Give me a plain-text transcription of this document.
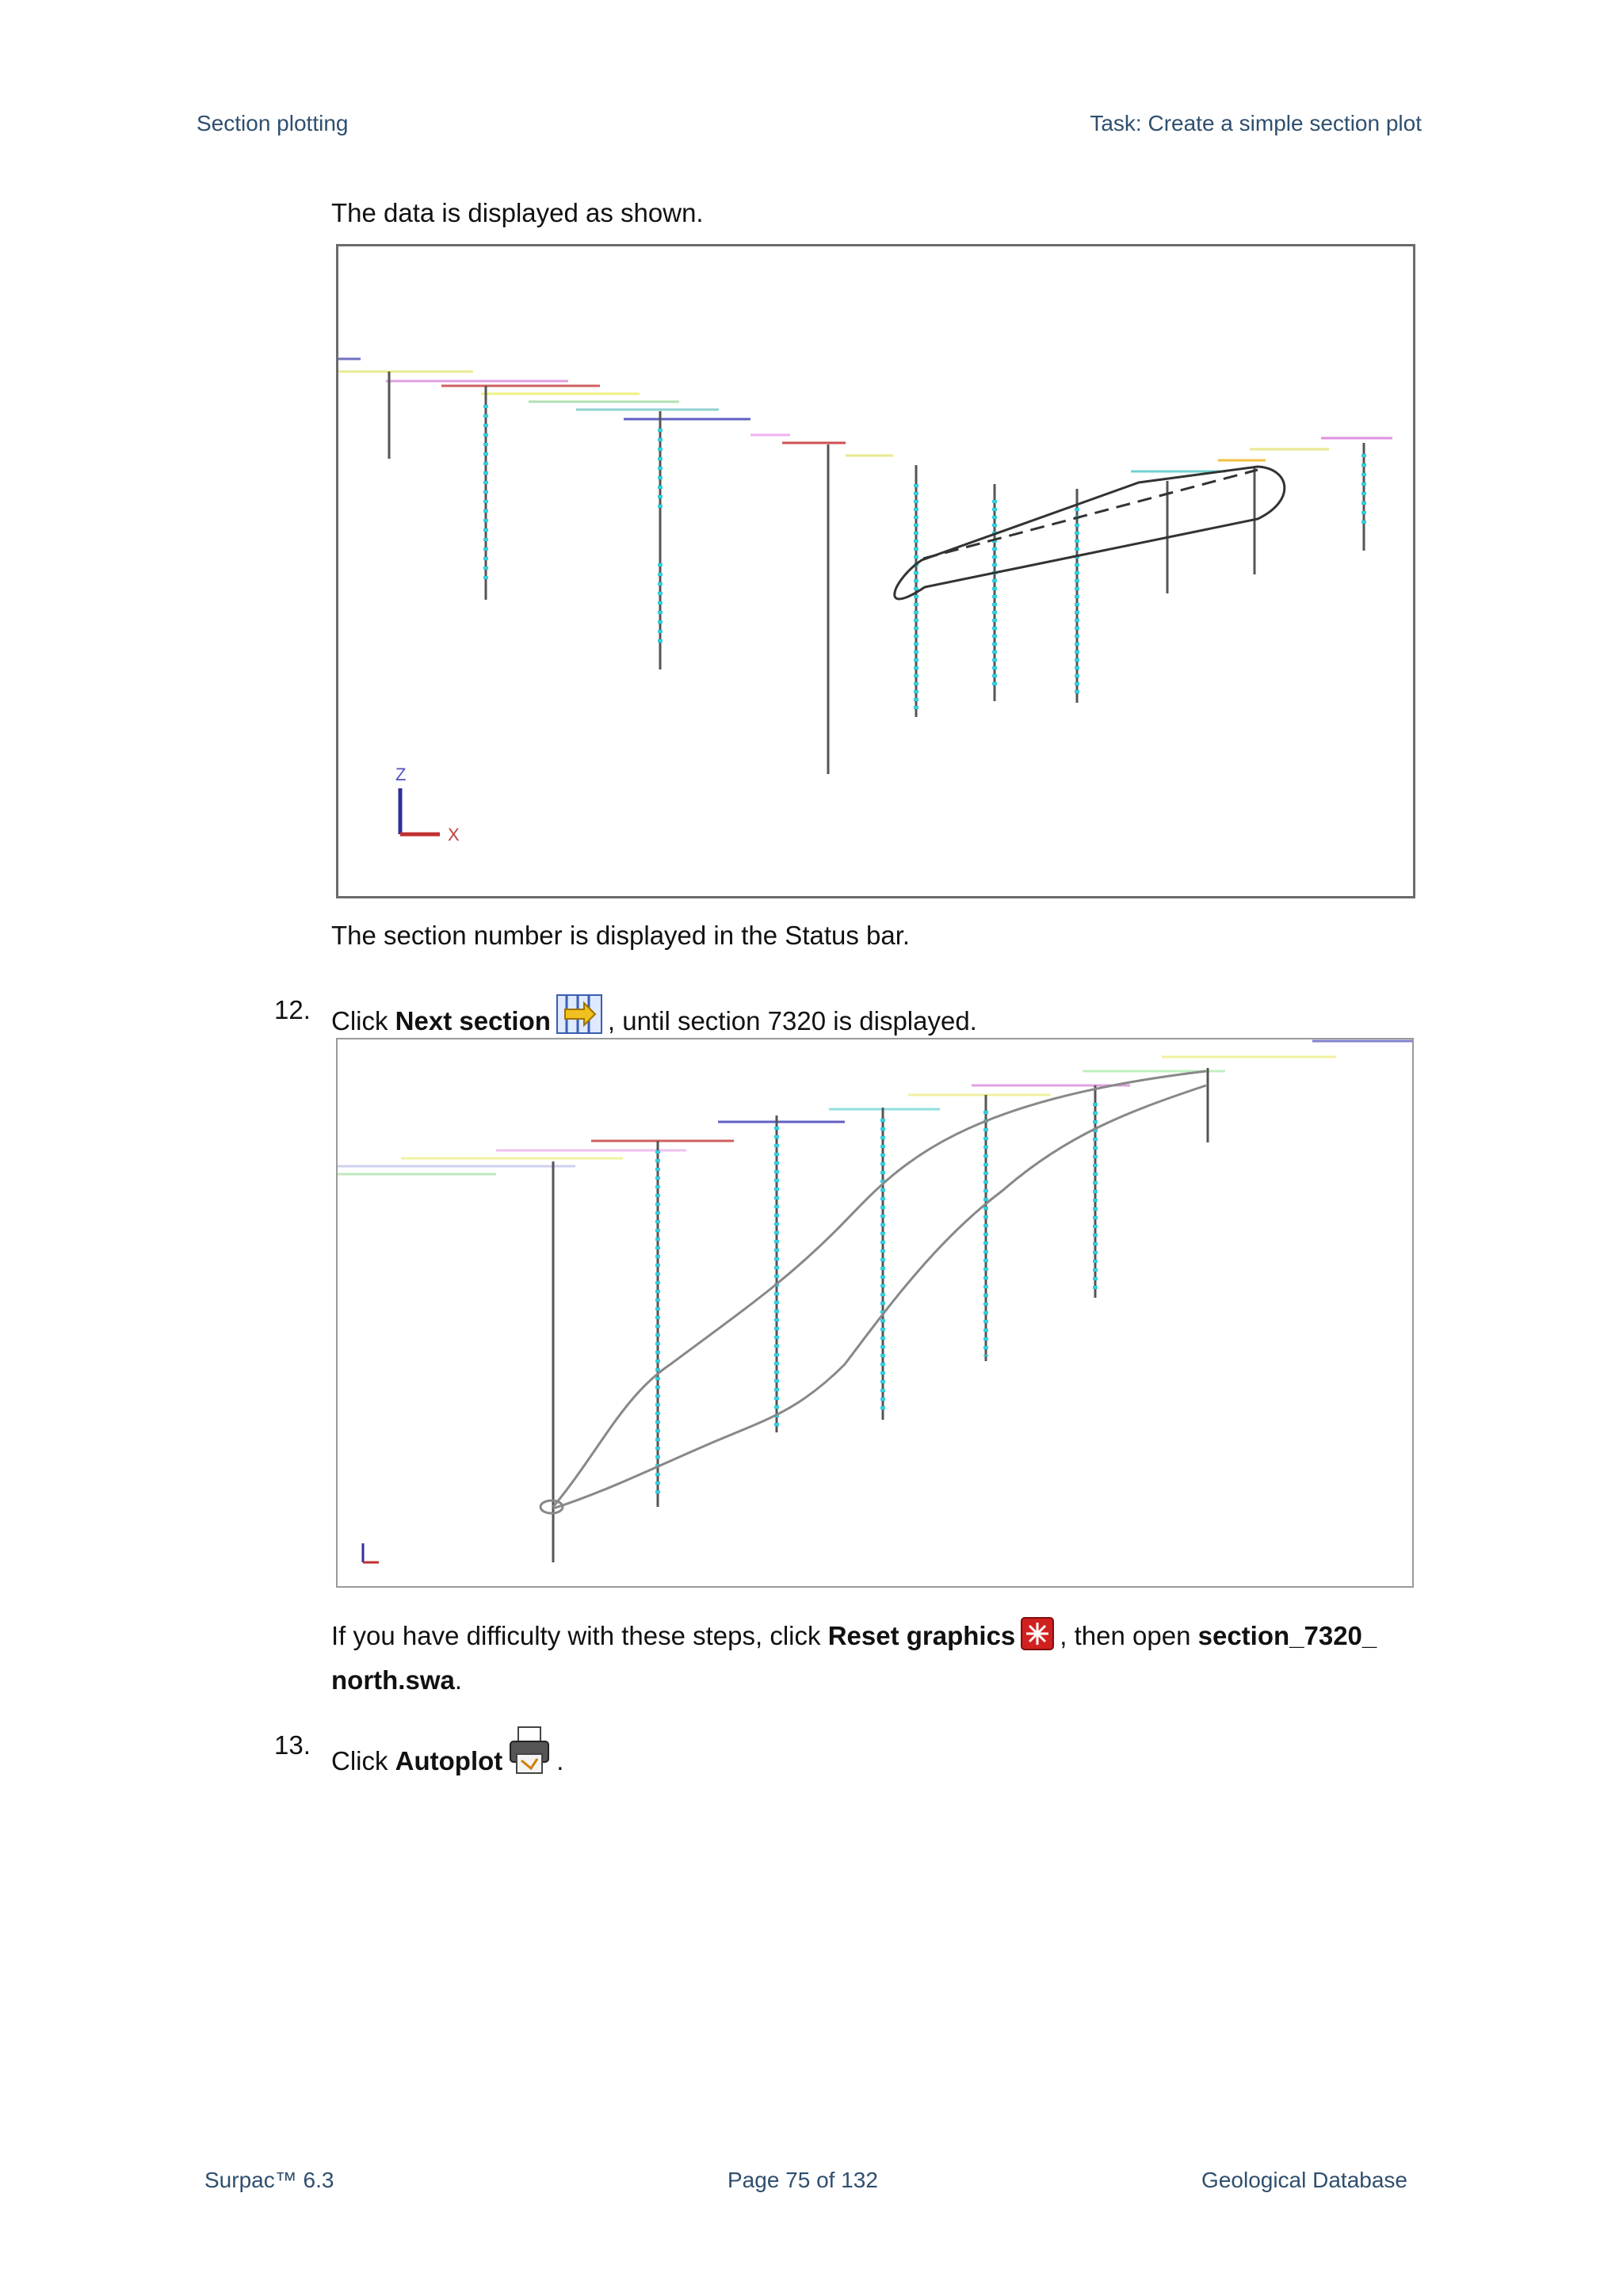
Section plotting	Task: Create a simple section plot
The data is displayed as shown.
Z
X
The section number is displayed in the Status bar.
12. Click Next section , until section 7320 is displayed.
If you have difficulty with these steps, click Reset graphics , then open section_7320_
north.swa.
13.
Click Autoplot .
Surpac™ 6.3	Page 75 of 132	Geological Database
